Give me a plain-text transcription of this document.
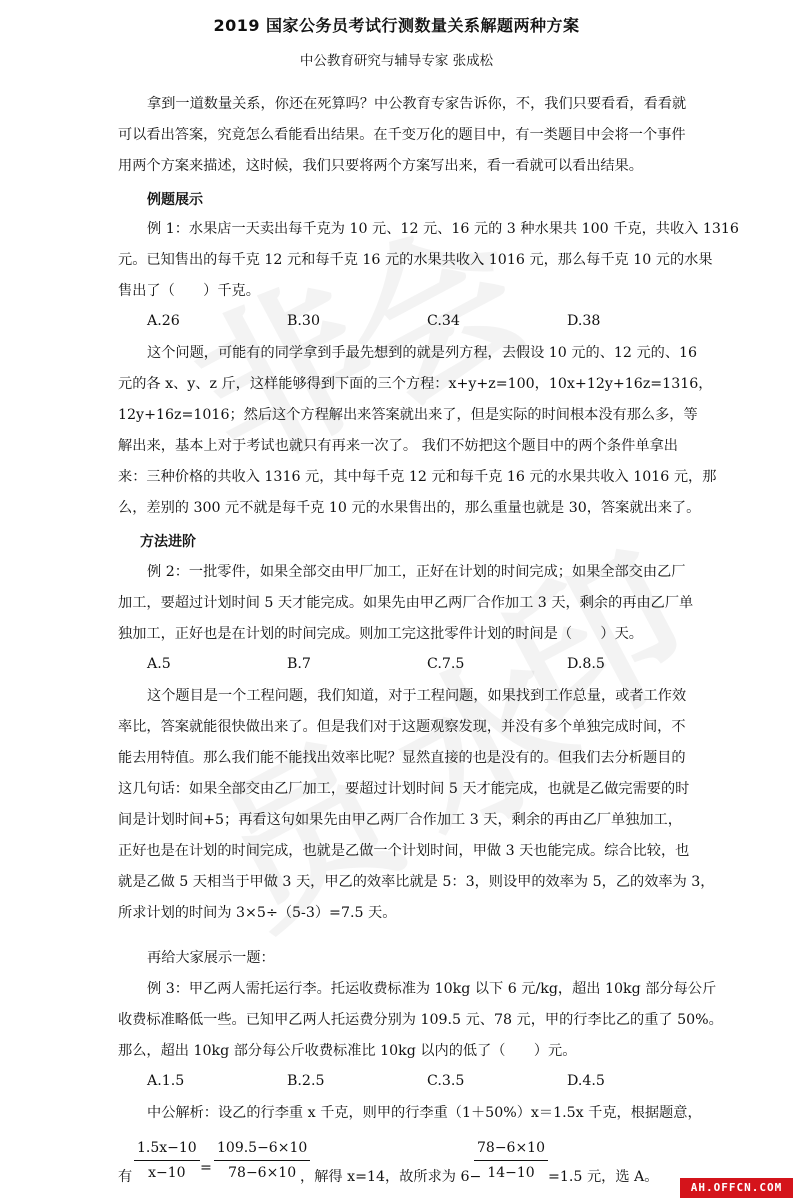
2019 国家公务员考试行测数量关系解题两种方案
中公教育研究与辅导专家 张成松
拿到一道数量关系，你还在死算吗？中公教育专家告诉你，不，我们只要看看，看看就
可以看出答案，究竟怎么看能看出结果。在千变万化的题目中，有一类题目中会将一个事件
用两个方案来描述，这时候，我们只要将两个方案写出来，看一看就可以看出结果。
例题展示
例 1：水果店一天卖出每千克为 10 元、12 元、16 元的 3 种水果共 100 千克，共收入 1316
元。已知售出的每千克 12 元和每千克 16 元的水果共收入 1016 元，那么每千克 10 元的水果
售出了（　　）千克。
A.26	B.30	C.34	D.38
这个问题，可能有的同学拿到手最先想到的就是列方程，去假设 10 元的、12 元的、16
元的各 x、y、z 斤，这样能够得到下面的三个方程：x+y+z=100，10x+12y+16z=1316，
12y+16z=1016；然后这个方程解出来答案就出来了，但是实际的时间根本没有那么多，等
解出来，基本上对于考试也就只有再来一次了。 我们不妨把这个题目中的两个条件单拿出
来：三种价格的共收入 1316 元，其中每千克 12 元和每千克 16 元的水果共收入 1016 元，那
么，差别的 300 元不就是每千克 10 元的水果售出的，那么重量也就是 30，答案就出来了。
方法进阶
例 2：一批零件，如果全部交由甲厂加工，正好在计划的时间完成；如果全部交由乙厂
加工，要超过计划时间 5 天才能完成。如果先由甲乙两厂合作加工 3 天，剩余的再由乙厂单
独加工，正好也是在计划的时间完成。则加工完这批零件计划的时间是（　　）天。
A.5	B.7	C.7.5	D.8.5
这个题目是一个工程问题，我们知道，对于工程问题，如果找到工作总量，或者工作效
率比，答案就能很快做出来了。但是我们对于这题观察发现，并没有多个单独完成时间，不
能去用特值。那么我们能不能找出效率比呢？显然直接的也是没有的。但我们去分析题目的
这几句话：如果全部交由乙厂加工，要超过计划时间 5 天才能完成，也就是乙做完需要的时
间是计划时间+5；再看这句如果先由甲乙两厂合作加工 3 天，剩余的再由乙厂单独加工，
正好也是在计划的时间完成，也就是乙做一个计划时间，甲做 3 天也能完成。综合比较，也
就是乙做 5 天相当于甲做 3 天，甲乙的效率比就是 5：3，则设甲的效率为 5，乙的效率为 3，
所求计划的时间为 3×5÷（5-3）=7.5 天。
再给大家展示一题：
例 3：甲乙两人需托运行李。托运收费标准为 10kg 以下 6 元/kg，超出 10kg 部分每公斤
收费标准略低一些。已知甲乙两人托运费分别为 109.5 元、78 元，甲的行李比乙的重了 50%。
那么，超出 10kg 部分每公斤收费标准比 10kg 以内的低了（　　）元。
A.1.5	B.2.5	C.3.5	D.4.5
中公解析：设乙的行李重 x 千克，则甲的行李重（1＋50%）x＝1.5x 千克，根据题意，
有
1.5x−10
x−10 =
109.5−6×10
78−6×10 ，解得 x=14，故所求为 6−
78−6×10
14−10 =1.5 元，选 A。
AH.OFFCN.COM
